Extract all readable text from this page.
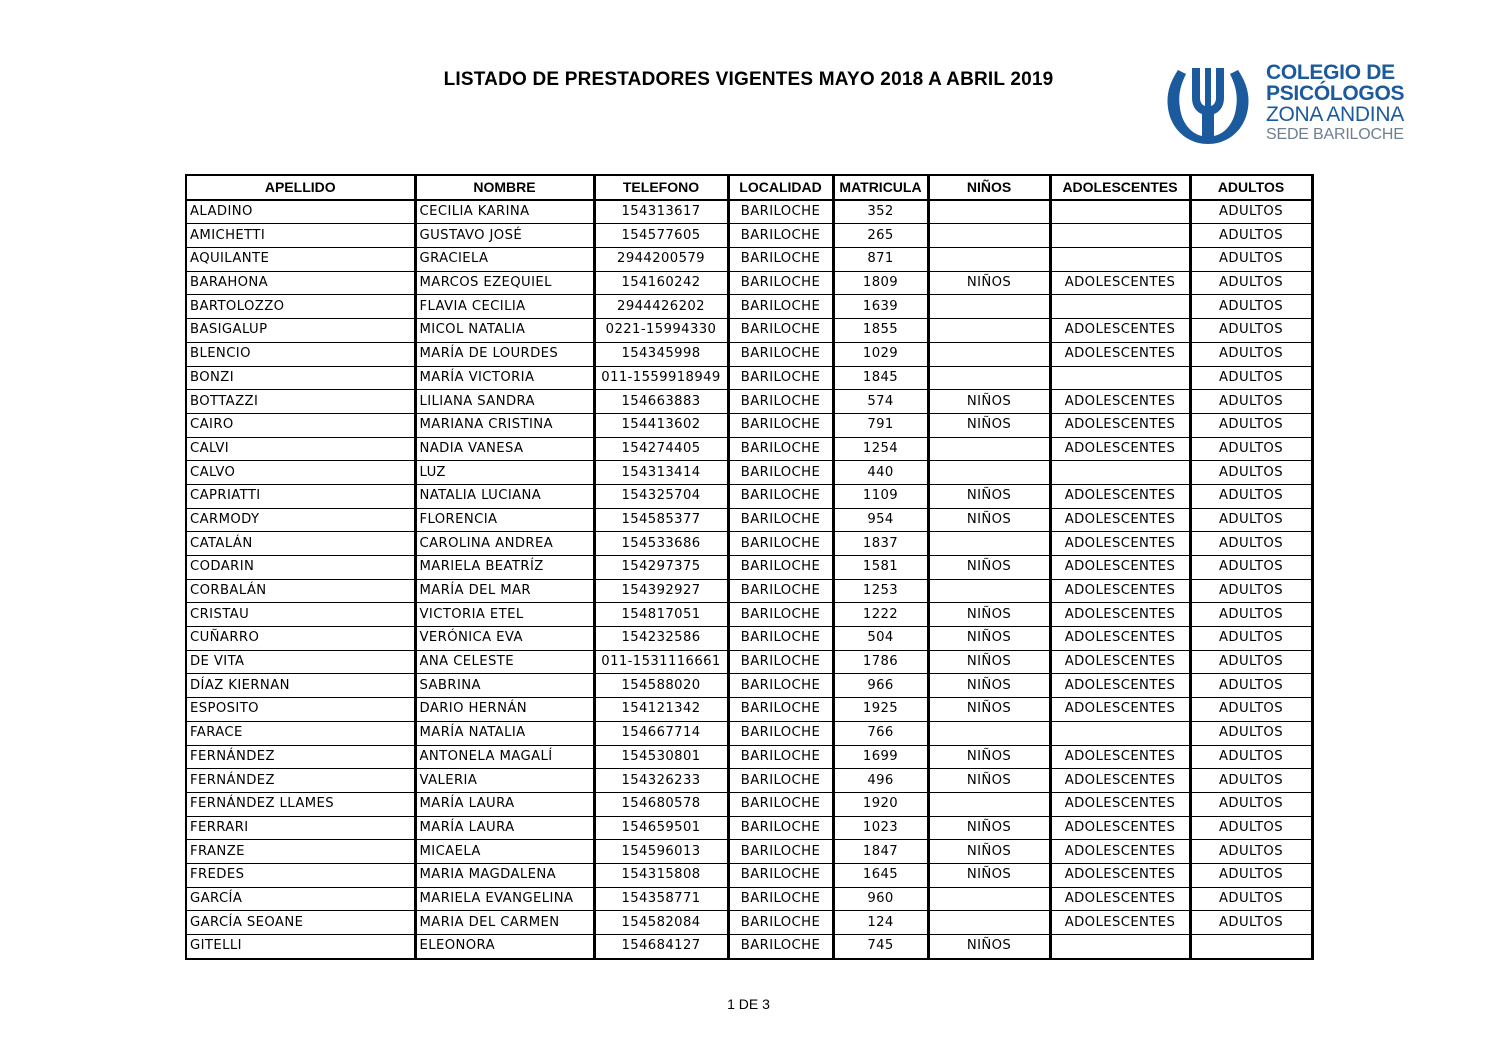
LISTADO DE PRESTADORES VIGENTES MAYO 2018 A ABRIL 2019	COLEGIO DE
PSICÓLOGOS
ZONA ANDINA
SEDE BARILOCHE
APELLIDO	NOMBRE	TELEFONO	LOCALIDAD	MATRICULA	NIÑOS	ADOLESCENTES	ADULTOS
ALADINO	CECILIA KARINA	154313617	BARILOCHE	352			ADULTOS
AMICHETTI	GUSTAVO JOSÉ	154577605	BARILOCHE	265			ADULTOS
AQUILANTE	GRACIELA	2944200579	BARILOCHE	871			ADULTOS
BARAHONA	MARCOS EZEQUIEL	154160242	BARILOCHE	1809	NIÑOS	ADOLESCENTES	ADULTOS
BARTOLOZZO	FLAVIA CECILIA	2944426202	BARILOCHE	1639			ADULTOS
BASIGALUP	MICOL NATALIA	0221-15994330	BARILOCHE	1855		ADOLESCENTES	ADULTOS
BLENCIO	MARÍA DE LOURDES	154345998	BARILOCHE	1029		ADOLESCENTES	ADULTOS
BONZI	MARÍA VICTORIA	011-1559918949	BARILOCHE	1845			ADULTOS
BOTTAZZI	LILIANA SANDRA	154663883	BARILOCHE	574	NIÑOS	ADOLESCENTES	ADULTOS
CAIRO	MARIANA CRISTINA	154413602	BARILOCHE	791	NIÑOS	ADOLESCENTES	ADULTOS
CALVI	NADIA VANESA	154274405	BARILOCHE	1254		ADOLESCENTES	ADULTOS
CALVO	LUZ	154313414	BARILOCHE	440			ADULTOS
CAPRIATTI	NATALIA LUCIANA	154325704	BARILOCHE	1109	NIÑOS	ADOLESCENTES	ADULTOS
CARMODY	FLORENCIA	154585377	BARILOCHE	954	NIÑOS	ADOLESCENTES	ADULTOS
CATALÁN	CAROLINA ANDREA	154533686	BARILOCHE	1837		ADOLESCENTES	ADULTOS
CODARIN	MARIELA BEATRÍZ	154297375	BARILOCHE	1581	NIÑOS	ADOLESCENTES	ADULTOS
CORBALÁN	MARÍA DEL MAR	154392927	BARILOCHE	1253		ADOLESCENTES	ADULTOS
CRISTAU	VICTORIA ETEL	154817051	BARILOCHE	1222	NIÑOS	ADOLESCENTES	ADULTOS
CUÑARRO	VERÓNICA EVA	154232586	BARILOCHE	504	NIÑOS	ADOLESCENTES	ADULTOS
DE VITA	ANA CELESTE	011-1531116661	BARILOCHE	1786	NIÑOS	ADOLESCENTES	ADULTOS
DÍAZ KIERNAN	SABRINA	154588020	BARILOCHE	966	NIÑOS	ADOLESCENTES	ADULTOS
ESPOSITO	DARIO HERNÁN	154121342	BARILOCHE	1925	NIÑOS	ADOLESCENTES	ADULTOS
FARACE	MARÍA NATALIA	154667714	BARILOCHE	766			ADULTOS
FERNÁNDEZ	ANTONELA MAGALÍ	154530801	BARILOCHE	1699	NIÑOS	ADOLESCENTES	ADULTOS
FERNÁNDEZ	VALERIA	154326233	BARILOCHE	496	NIÑOS	ADOLESCENTES	ADULTOS
FERNÁNDEZ LLAMES	MARÍA LAURA	154680578	BARILOCHE	1920		ADOLESCENTES	ADULTOS
FERRARI	MARÍA LAURA	154659501	BARILOCHE	1023	NIÑOS	ADOLESCENTES	ADULTOS
FRANZE	MICAELA	154596013	BARILOCHE	1847	NIÑOS	ADOLESCENTES	ADULTOS
FREDES	MARIA MAGDALENA	154315808	BARILOCHE	1645	NIÑOS	ADOLESCENTES	ADULTOS
GARCÍA	MARIELA EVANGELINA	154358771	BARILOCHE	960		ADOLESCENTES	ADULTOS
GARCÍA SEOANE	MARIA DEL CARMEN	154582084	BARILOCHE	124		ADOLESCENTES	ADULTOS
GITELLI	ELEONORA	154684127	BARILOCHE	745	NIÑOS		
1 DE 3
